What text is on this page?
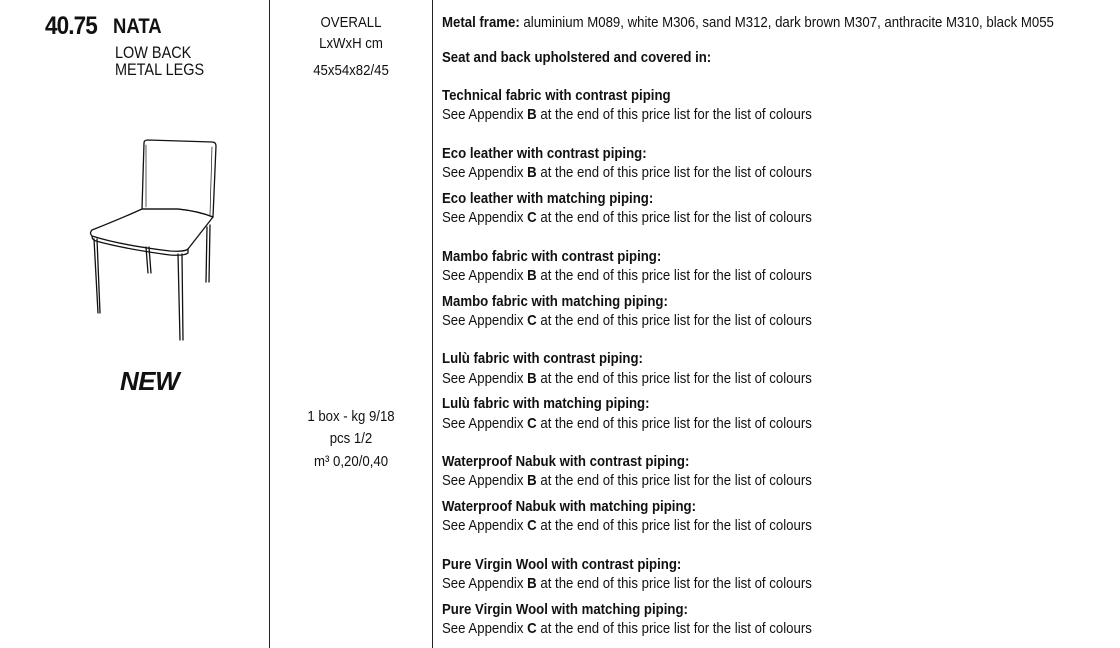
40.75 NATA
LOW BACK
METAL LEGS
NEW
OVERALL
LxWxH cm
45x54x82/45
1 box - kg 9/18
pcs 1/2
m³ 0,20/0,40
Metal frame: aluminium M089, white M306, sand M312, dark brown M307, anthracite M310, black M055
Seat and back upholstered and covered in:
Technical fabric with contrast piping
See Appendix B at the end of this price list for the list of colours
Eco leather with contrast piping:
See Appendix B at the end of this price list for the list of colours
Eco leather with matching piping:
See Appendix C at the end of this price list for the list of colours
Mambo fabric with contrast piping:
See Appendix B at the end of this price list for the list of colours
Mambo fabric with matching piping:
See Appendix C at the end of this price list for the list of colours
Lulù fabric with contrast piping:
See Appendix B at the end of this price list for the list of colours
Lulù fabric with matching piping:
See Appendix C at the end of this price list for the list of colours
Waterproof Nabuk with contrast piping:
See Appendix B at the end of this price list for the list of colours
Waterproof Nabuk with matching piping:
See Appendix C at the end of this price list for the list of colours
Pure Virgin Wool with contrast piping:
See Appendix B at the end of this price list for the list of colours
Pure Virgin Wool with matching piping:
See Appendix C at the end of this price list for the list of colours
